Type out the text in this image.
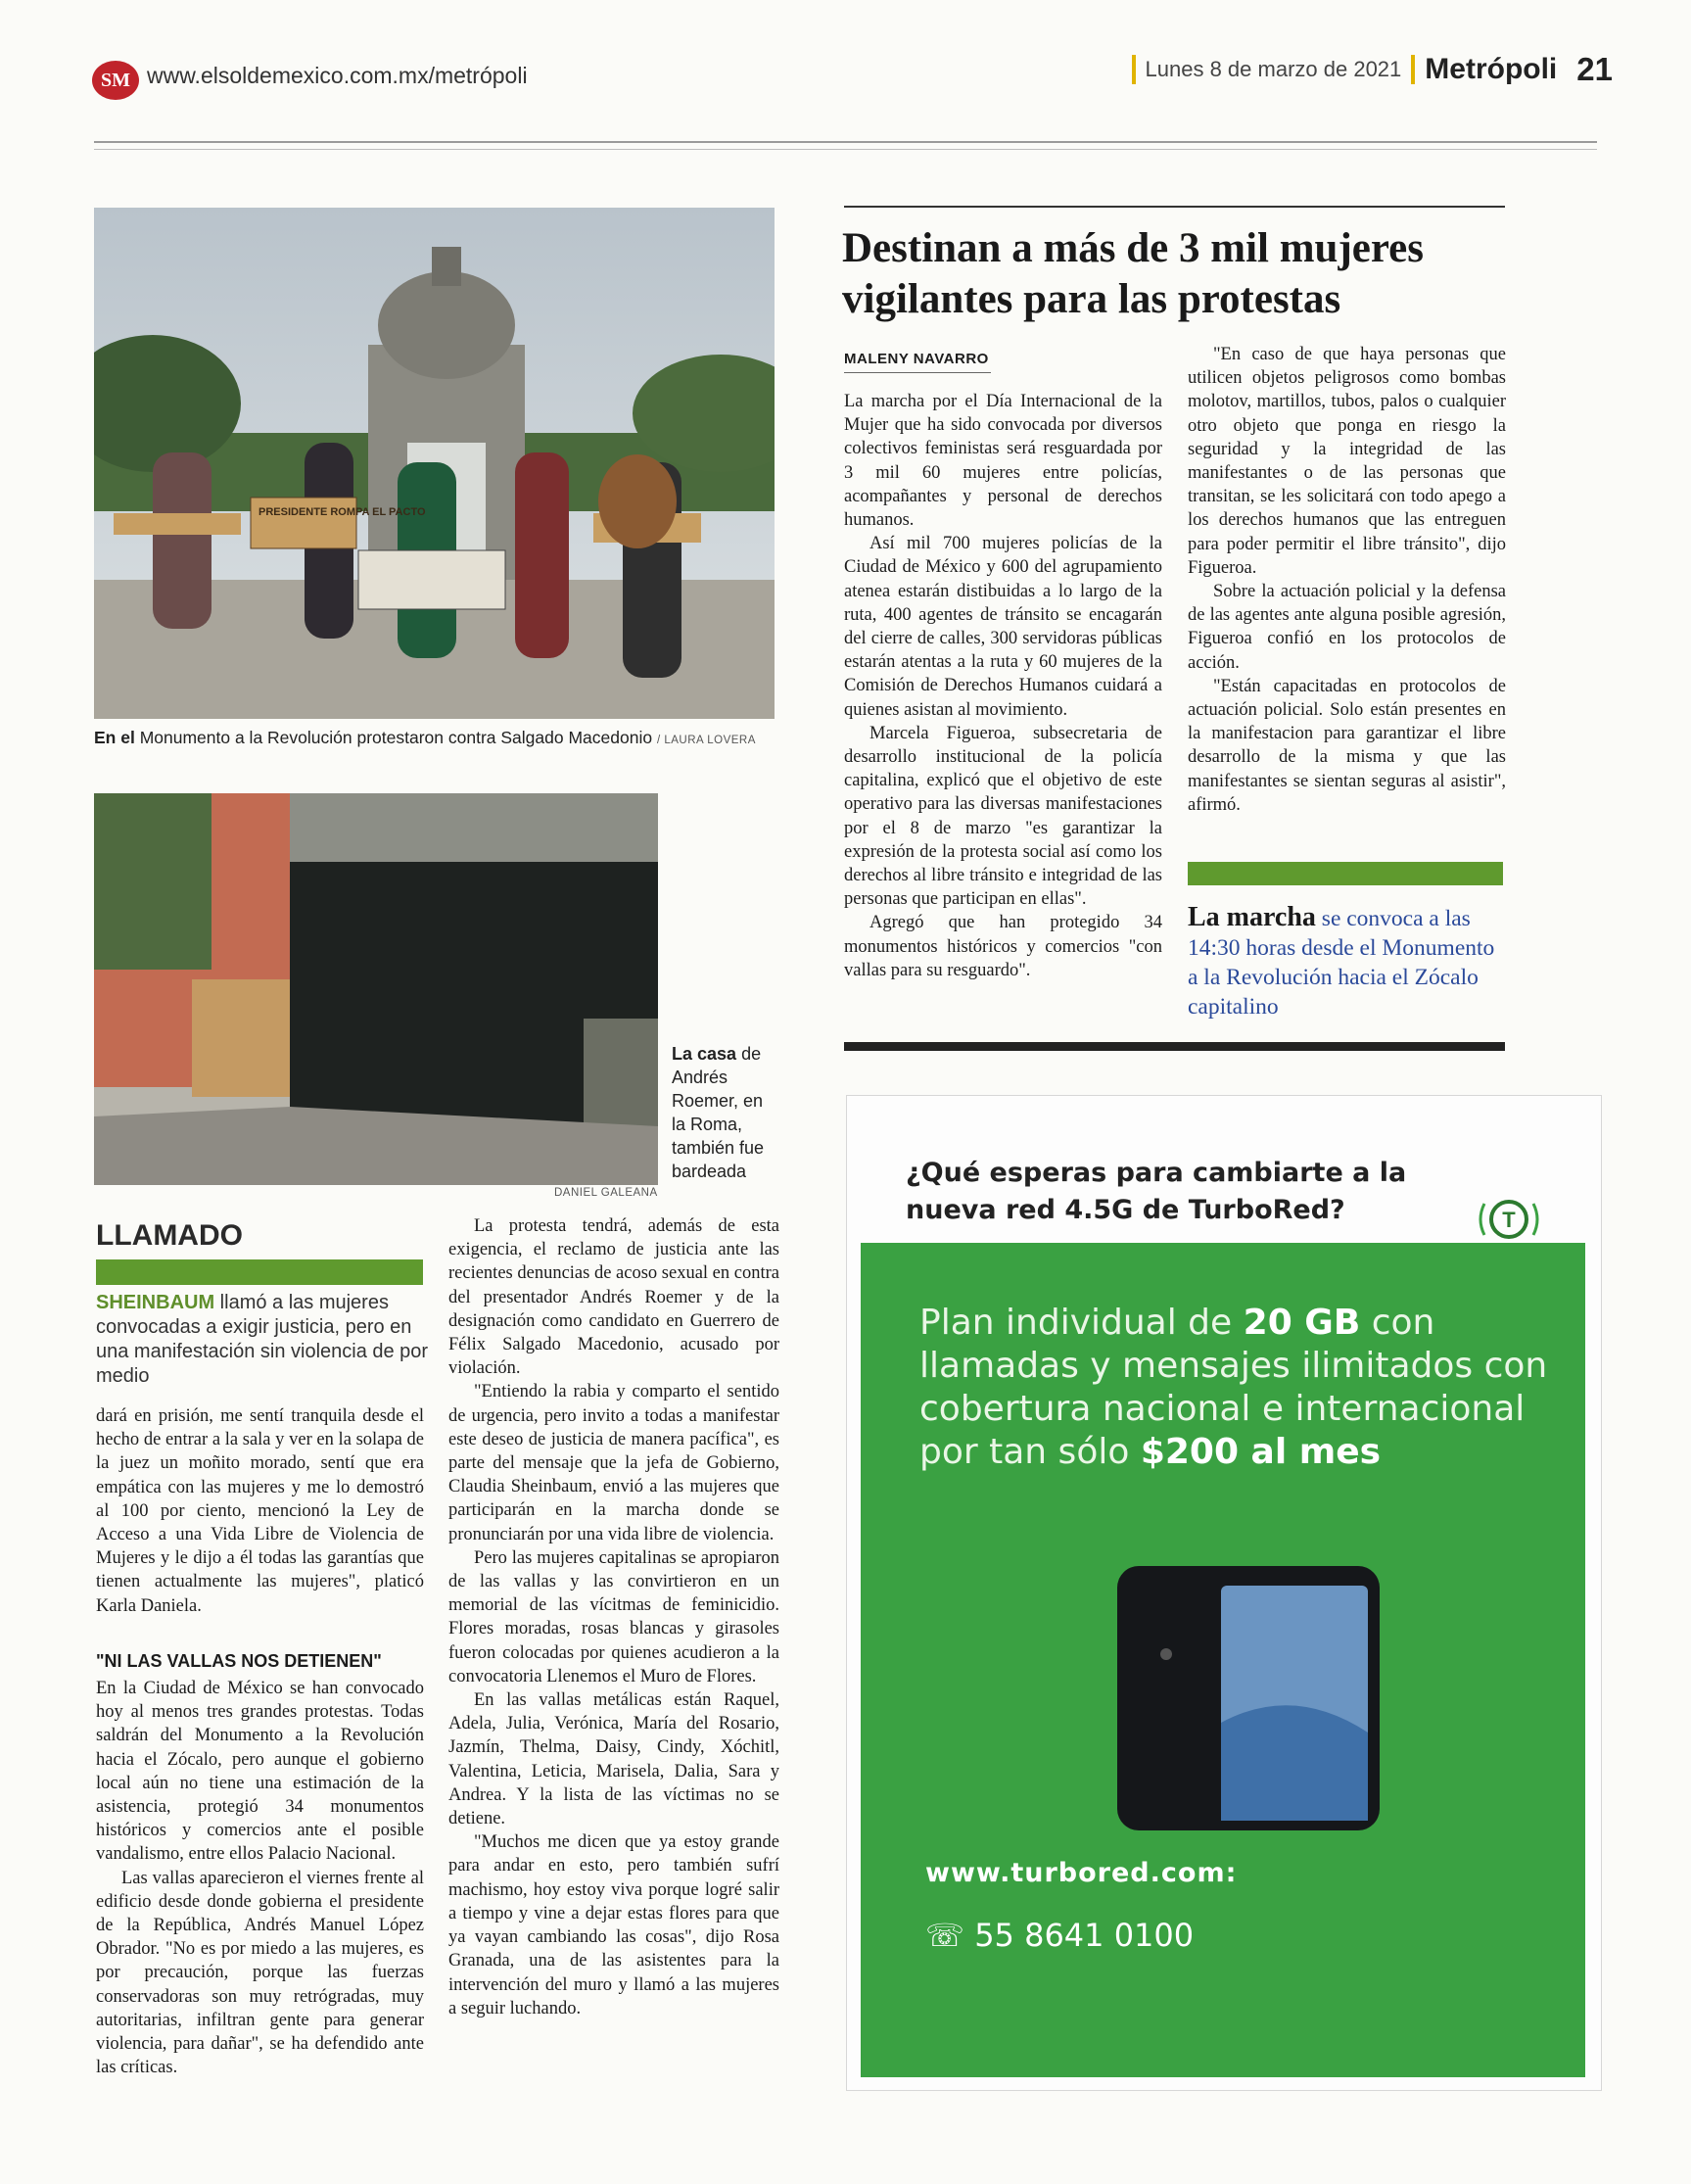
SM www.elsoldemexico.com.mx/metrópoli	Lunes 8 de marzo de 2021 Metrópoli 21
PRESIDENTE ROMPA EL PACTO
En el Monumento a la Revolución protestaron contra Salgado Macedonio / LAURA LOVERA
La casa de Andrés Roemer, en la Roma, también fue bardeada
DANIEL GALEANA
Destinan a más de 3 mil mujeres vigilantes para las protestas
MALENY NAVARRO

La marcha por el Día Internacional de la Mujer que ha sido convocada por diversos colectivos feministas será resguardada por 3 mil 60 mujeres entre policías, acompañantes y personal de derechos humanos.

Así mil 700 mujeres policías de la Ciudad de México y 600 del agrupamiento atenea estarán distibuidas a lo largo de la ruta, 400 agentes de tránsito se encagarán del cierre de calles, 300 servidoras públicas estarán atentas a la ruta y 60 mujeres de la Comisión de Derechos Humanos cuidará a quienes asistan al movimiento.

Marcela Figueroa, subsecretaria de desarrollo institucional de la policía capitalina, explicó que el objetivo de este operativo para las diversas manifestaciones por el 8 de marzo "es garantizar la expresión de la protesta social así como los derechos al libre tránsito e integridad de las personas que participan en ellas".

Agregó que han protegido 34 monumentos históricos y comercios "con vallas para su resguardo".

"En caso de que haya personas que utilicen objetos peligrosos como bombas molotov, martillos, tubos, palos o cualquier otro objeto que ponga en riesgo la seguridad y la integridad de las manifestantes o de las personas que transitan, se les solicitará con todo apego a los derechos humanos que las entreguen para poder permitir el libre tránsito", dijo Figueroa.

Sobre la actuación policial y la defensa de las agentes ante alguna posible agresión, Figueroa confió en los protocolos de acción.

"Están capacitadas en protocolos de actuación policial. Solo están presentes en la manifestacion para garantizar el libre desarrollo de la misma y que las manifestantes se sientan seguras al asistir", afirmó.

La marcha se convoca a las 14:30 horas desde el Monumento a la Revolución hacia el Zócalo capitalino
LLAMADO
SHEINBAUM llamó a las mujeres convocadas a exigir justicia, pero en una manifestación sin violencia de por medio

dará en prisión, me sentí tranquila desde el hecho de entrar a la sala y ver en la solapa de la juez un moñito morado, sentí que era empática con las mujeres y me lo demostró al 100 por ciento, mencionó la Ley de Acceso a una Vida Libre de Violencia de Mujeres y le dijo a él todas las garantías que tienen actualmente las mujeres", platicó Karla Daniela.

"NI LAS VALLAS NOS DETIENEN"

En la Ciudad de México se han convocado hoy al menos tres grandes protestas. Todas saldrán del Monumento a la Revolución hacia el Zócalo, pero aunque el gobierno local aún no tiene una estimación de la asistencia, protegió 34 monumentos históricos y comercios ante el posible vandalismo, entre ellos Palacio Nacional.

Las vallas aparecieron el viernes frente al edificio desde donde gobierna el presidente de la República, Andrés Manuel López Obrador. "No es por miedo a las mujeres, es por precaución, porque las fuerzas conservadoras son muy retrógradas, muy autoritarias, infiltran gente para generar violencia, para dañar", se ha defendido ante las críticas.

La protesta tendrá, además de esta exigencia, el reclamo de justicia ante las recientes denuncias de acoso sexual en contra del presentador Andrés Roemer y de la designación como candidato en Guerrero de Félix Salgado Macedonio, acusado por violación.

"Entiendo la rabia y comparto el sentido de urgencia, pero invito a todas a manifestar este deseo de justicia de manera pacífica", es parte del mensaje que la jefa de Gobierno, Claudia Sheinbaum, envió a las mujeres que participarán en la marcha donde se pronunciarán por una vida libre de violencia.

Pero las mujeres capitalinas se apropiaron de las vallas y las convirtieron en un memorial de las vícitmas de feminicidio. Flores moradas, rosas blancas y girasoles fueron colocadas por quienes acudieron a la convocatoria Llenemos el Muro de Flores.

En las vallas metálicas están Raquel, Adela, Julia, Verónica, María del Rosario, Jazmín, Thelma, Daisy, Cindy, Xóchitl, Valentina, Leticia, Marisela, Dalia, Sara y Andrea. Y la lista de las víctimas no se detiene.

"Muchos me dicen que ya estoy grande para andar en esto, pero también sufrí machismo, hoy estoy viva porque logré salir a tiempo y vine a dejar estas flores para que ya vayan cambiando las cosas", dijo Rosa Granada, una de las asistentes para la intervención del muro y llamó a las mujeres a seguir luchando.

¿Qué esperas para cambiarte a la nueva red 4.5G de TurboRed?	T
Plan individual de 20 GB con llamadas y mensajes ilimitados con cobertura nacional e internacional por tan sólo $200 al mes
www.turbored.com:
☏ 55 8641 0100
